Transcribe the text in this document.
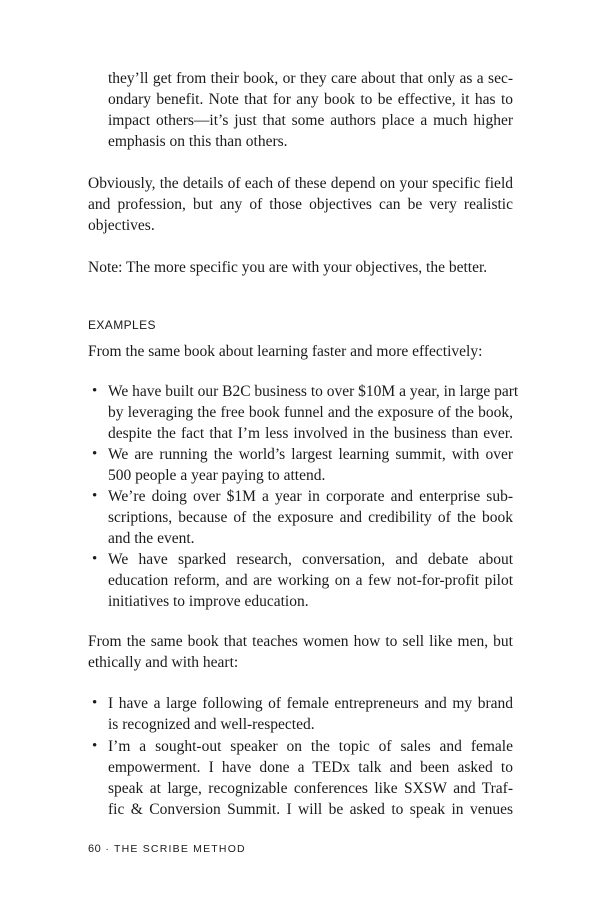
they’ll get from their book, or they care about that only as a sec-
ondary benefit. Note that for any book to be effective, it has to
impact others—it’s just that some authors place a much higher
emphasis on this than others.
Obviously, the details of each of these depend on your specific field
and profession, but any of those objectives can be very realistic
objectives.
Note: The more specific you are with your objectives, the better.
EXAMPLES
From the same book about learning faster and more effectively:
• We have built our B2C business to over $10M a year, in large part
by leveraging the free book funnel and the exposure of the book,
despite the fact that I’m less involved in the business than ever.
• We are running the world’s largest learning summit, with over
500 people a year paying to attend.
• We’re doing over $1M a year in corporate and enterprise sub-
scriptions, because of the exposure and credibility of the book
and the event.
• We have sparked research, conversation, and debate about
education reform, and are working on a few not-for-profit pilot
initiatives to improve education.
From the same book that teaches women how to sell like men, but
ethically and with heart:
• I have a large following of female entrepreneurs and my brand
is recognized and well-respected.
• I’m a sought-out speaker on the topic of sales and female
empowerment. I have done a TEDx talk and been asked to
speak at large, recognizable conferences like SXSW and Traf-
fic & Conversion Summit. I will be asked to speak in venues
60 · THE SCRIBE METHOD
